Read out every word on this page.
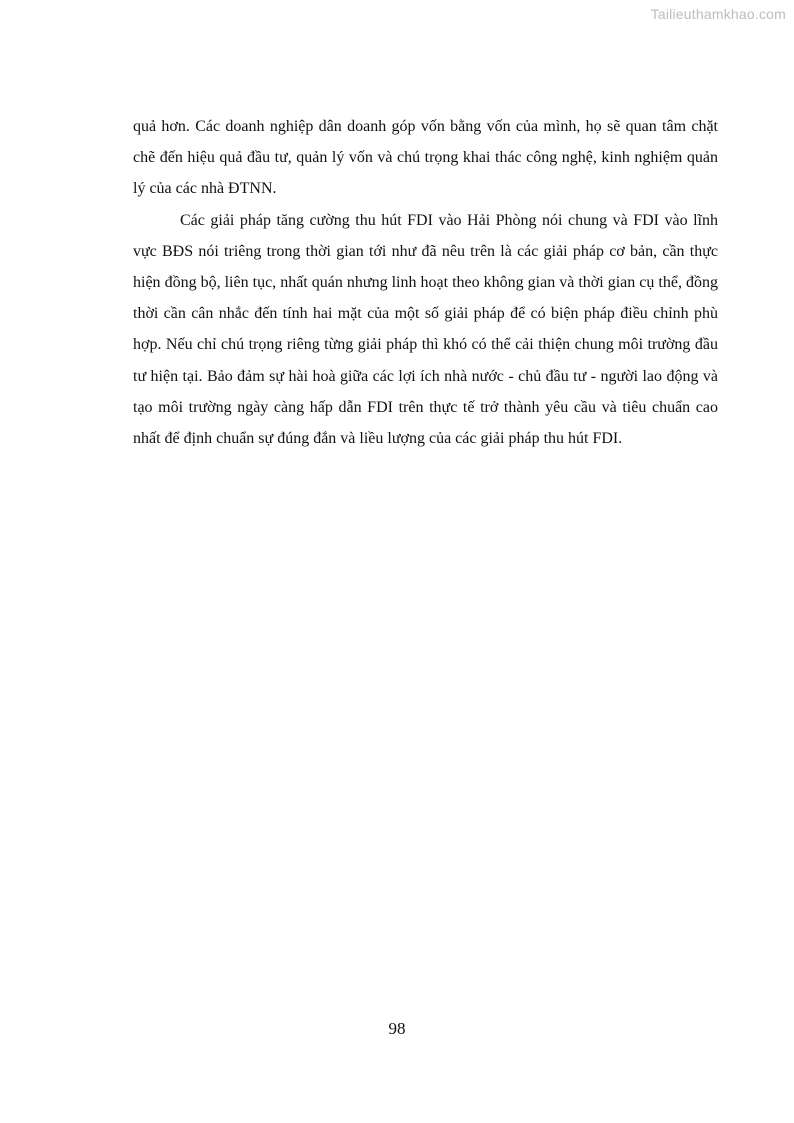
Tailieuthamkhao.com

quả hơn. Các doanh nghiệp dân doanh góp vốn bằng vốn của mình, họ sẽ quan tâm chặt chẽ đến hiệu quả đầu tư, quản lý vốn và chú trọng khai thác công nghệ, kinh nghiệm quản lý của các nhà ĐTNN.

Các giải pháp tăng cường thu hút FDI vào Hải Phòng nói chung và FDI vào lĩnh vực BĐS nói triêng trong thời gian tới như đã nêu trên là các giải pháp cơ bản, cần thực hiện đồng bộ, liên tục, nhất quán nhưng linh hoạt theo không gian và thời gian cụ thể, đồng thời cần cân nhắc đến tính hai mặt của một số giải pháp để có biện pháp điều chỉnh phù hợp. Nếu chỉ chú trọng riêng từng giải pháp thì khó có thể cải thiện chung môi trường đầu tư hiện tại. Bảo đảm sự hài hoà giữa các lợi ích nhà nước - chủ đầu tư - người lao động và tạo môi trường ngày càng hấp dẫn FDI trên thực tế trở thành yêu cầu và tiêu chuẩn cao nhất để định chuẩn sự đúng đắn và liều lượng của các giải pháp thu hút FDI.

98
